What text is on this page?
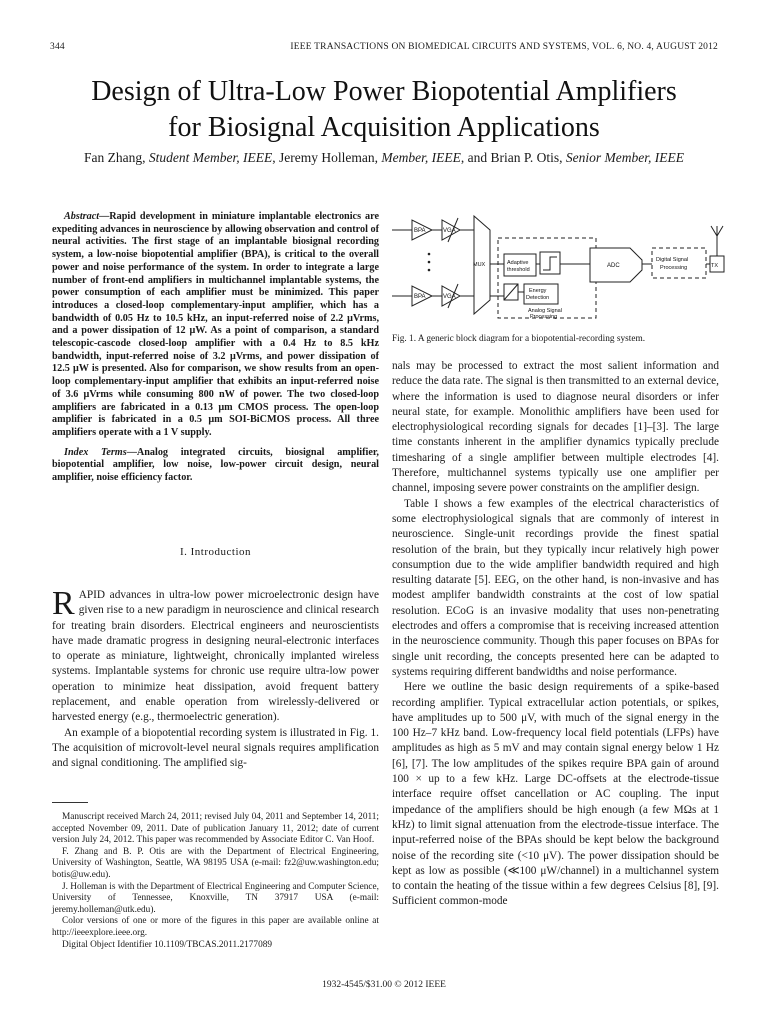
344	IEEE TRANSACTIONS ON BIOMEDICAL CIRCUITS AND SYSTEMS, VOL. 6, NO. 4, AUGUST 2012
Design of Ultra-Low Power Biopotential Amplifiers
for Biosignal Acquisition Applications
Fan Zhang, Student Member, IEEE, Jeremy Holleman, Member, IEEE, and Brian P. Otis, Senior Member, IEEE

Abstract—Rapid development in miniature implantable electronics are expediting advances in neuroscience by allowing observation and control of neural activities. The first stage of an implantable biosignal recording system, a low-noise biopotential amplifier (BPA), is critical to the overall power and noise performance of the system. In order to integrate a large number of front-end amplifiers in multichannel implantable systems, the power consumption of each amplifier must be minimized. This paper introduces a closed-loop complementary-input amplifier, which has a bandwidth of 0.05 Hz to 10.5 kHz, an input-referred noise of 2.2 μVrms, and a power dissipation of 12 μW. As a point of comparison, a standard telescopic-cascode closed-loop amplifier with a 0.4 Hz to 8.5 kHz bandwidth, input-referred noise of 3.2 μVrms, and power dissipation of 12.5 μW is presented. Also for comparison, we show results from an open-loop complementary-input amplifier that exhibits an input-referred noise of 3.6 μVrms while consuming 800 nW of power. The two closed-loop amplifiers are fabricated in a 0.13 μm CMOS process. The open-loop amplifier is fabricated in a 0.5 μm SOI-BiCMOS process. All three amplifiers operate with a 1 V supply.

Index Terms—Analog integrated circuits, biosignal amplifier, biopotential amplifier, low noise, low-power circuit design, neural amplifier, noise efficiency factor.

I. Introduction

RAPID advances in ultra-low power microelectronic design have given rise to a new paradigm in neuroscience and clinical research for treating brain disorders. Electrical engineers and neuroscientists have made dramatic progress in designing neural-electronic interfaces to operate as miniature, lightweight, chronically implanted wireless systems. Implantable systems for chronic use require ultra-low power operation to minimize heat dissipation, avoid frequent battery replacement, and enable operation from wirelessly-delivered or harvested energy (e.g., thermoelectric generation).

An example of a biopotential recording system is illustrated in Fig. 1. The acquisition of microvolt-level neural signals requires amplification and signal conditioning. The amplified sig-

Manuscript received March 24, 2011; revised July 04, 2011 and September 14, 2011; accepted November 09, 2011. Date of publication January 11, 2012; date of current version July 24, 2012. This paper was recommended by Associate Editor C. Van Hoof.

F. Zhang and B. P. Otis are with the Department of Electrical Engineering, University of Washington, Seattle, WA 98195 USA (e-mail: fz2@uw.washington.edu; botis@uw.edu).

J. Holleman is with the Department of Electrical Engineering and Computer Science, University of Tennessee, Knoxville, TN 37917 USA (e-mail: jeremy.holleman@utk.edu).

Color versions of one or more of the figures in this paper are available online at http://ieeexplore.ieee.org.

Digital Object Identifier 10.1109/TBCAS.2011.2177089

BPA	VGA
BPA	VGA
MUX	Adaptive
threshold
Energy
Detection
Analog Signal
Processing
ADC
Digital Signal
Processing	TX
Fig. 1. A generic block diagram for a biopotential-recording system.

nals may be processed to extract the most salient information and reduce the data rate. The signal is then transmitted to an external device, where the information is used to diagnose neural disorders or infer neural state, for example. Monolithic amplifiers have been used for electrophysiological recording signals for decades [1]–[3]. The large time constants inherent in the amplifier dynamics typically preclude timesharing of a single amplifier between multiple electrodes [4]. Therefore, multichannel systems typically use one amplifier per channel, imposing severe power constraints on the amplifier design.

Table I shows a few examples of the electrical characteristics of some electrophysiological signals that are commonly of interest in neuroscience. Single-unit recordings provide the finest spatial resolution of the brain, but they typically incur relatively high power consumption due to the wide amplifier bandwidth required and high resulting datarate [5]. EEG, on the other hand, is non-invasive and has modest amplifer bandwidth constraints at the cost of low spatial resolution. ECoG is an invasive modality that uses non-penetrating electrodes and offers a compromise that is receiving increased attention in the neuroscience community. Though this paper focuses on BPAs for single unit recording, the concepts presented here can be adapted to systems requiring different bandwidths and noise performance.

Here we outline the basic design requirements of a spike-based recording amplifier. Typical extracellular action potentials, or spikes, have amplitudes up to 500 μV, with much of the signal energy in the 100 Hz–7 kHz band. Low-frequency local field potentials (LFPs) have amplitudes as high as 5 mV and may contain signal energy below 1 Hz [6], [7]. The low amplitudes of the spikes require BPA gain of around 100 × up to a few kHz. Large DC-offsets at the electrode-tissue interface require offset cancellation or AC coupling. The input impedance of the amplifiers should be high enough (a few MΩs at 1 kHz) to limit signal attenuation from the electrode-tissue interface. The input-referred noise of the BPAs should be kept below the background noise of the recording site (<10 μV). The power dissipation should be kept as low as possible (≪100 μW/channel) in a multichannel system to contain the heating of the tissue within a few degrees Celsius [8], [9]. Sufficient common-mode

1932-4545/$31.00 © 2012 IEEE
